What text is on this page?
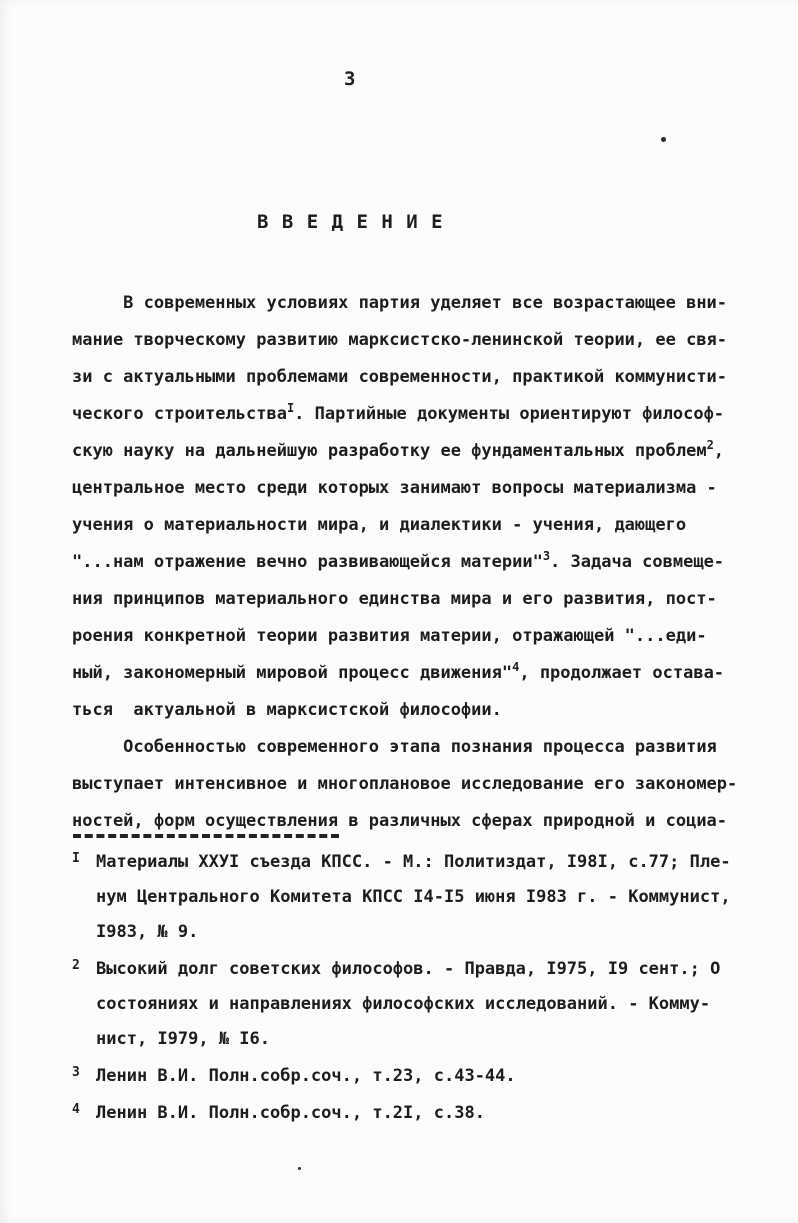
3
В В Е Д Е Н И Е
В современных условиях партия уделяет все возрастающее вни-
мание творческому развитию марксистско-ленинской теории, ее свя-
зи с актуальными проблемами современности, практикой коммунисти-
ческого строительстваI. Партийные документы ориентируют философ-
скую науку на дальнейшую разработку ее фундаментальных проблем2,
центральное место среди которых занимают вопросы материализма -
учения о материальности мира, и диалектики - учения, дающего
"...нам отражение вечно развивающейся материи"3. Задача совмеще-
ния принципов материального единства мира и его развития, пост-
роения конкретной теории развития материи, отражающей "...еди-
ный, закономерный мировой процесс движения"4, продолжает остава-
ться  актуальной в марксистской философии.
Особенностью современного этапа познания процесса развития
выступает интенсивное и многоплановое исследование его закономер-
ностей, форм осуществления в различных сферах природной и социа-
I Материалы ХХУI съезда КПСС. - М.: Политиздат, I98I, с.77; Пле-
нум Центрального Комитета КПСС I4-I5 июня I983 г. - Коммунист,
I983, № 9.
2 Высокий долг советских философов. - Правда, I975, I9 сент.; О
состояниях и направлениях философских исследований. - Комму-
нист, I979, № I6.
3 Ленин В.И. Полн.собр.соч., т.23, с.43-44.
4 Ленин В.И. Полн.собр.соч., т.2I, с.38.
